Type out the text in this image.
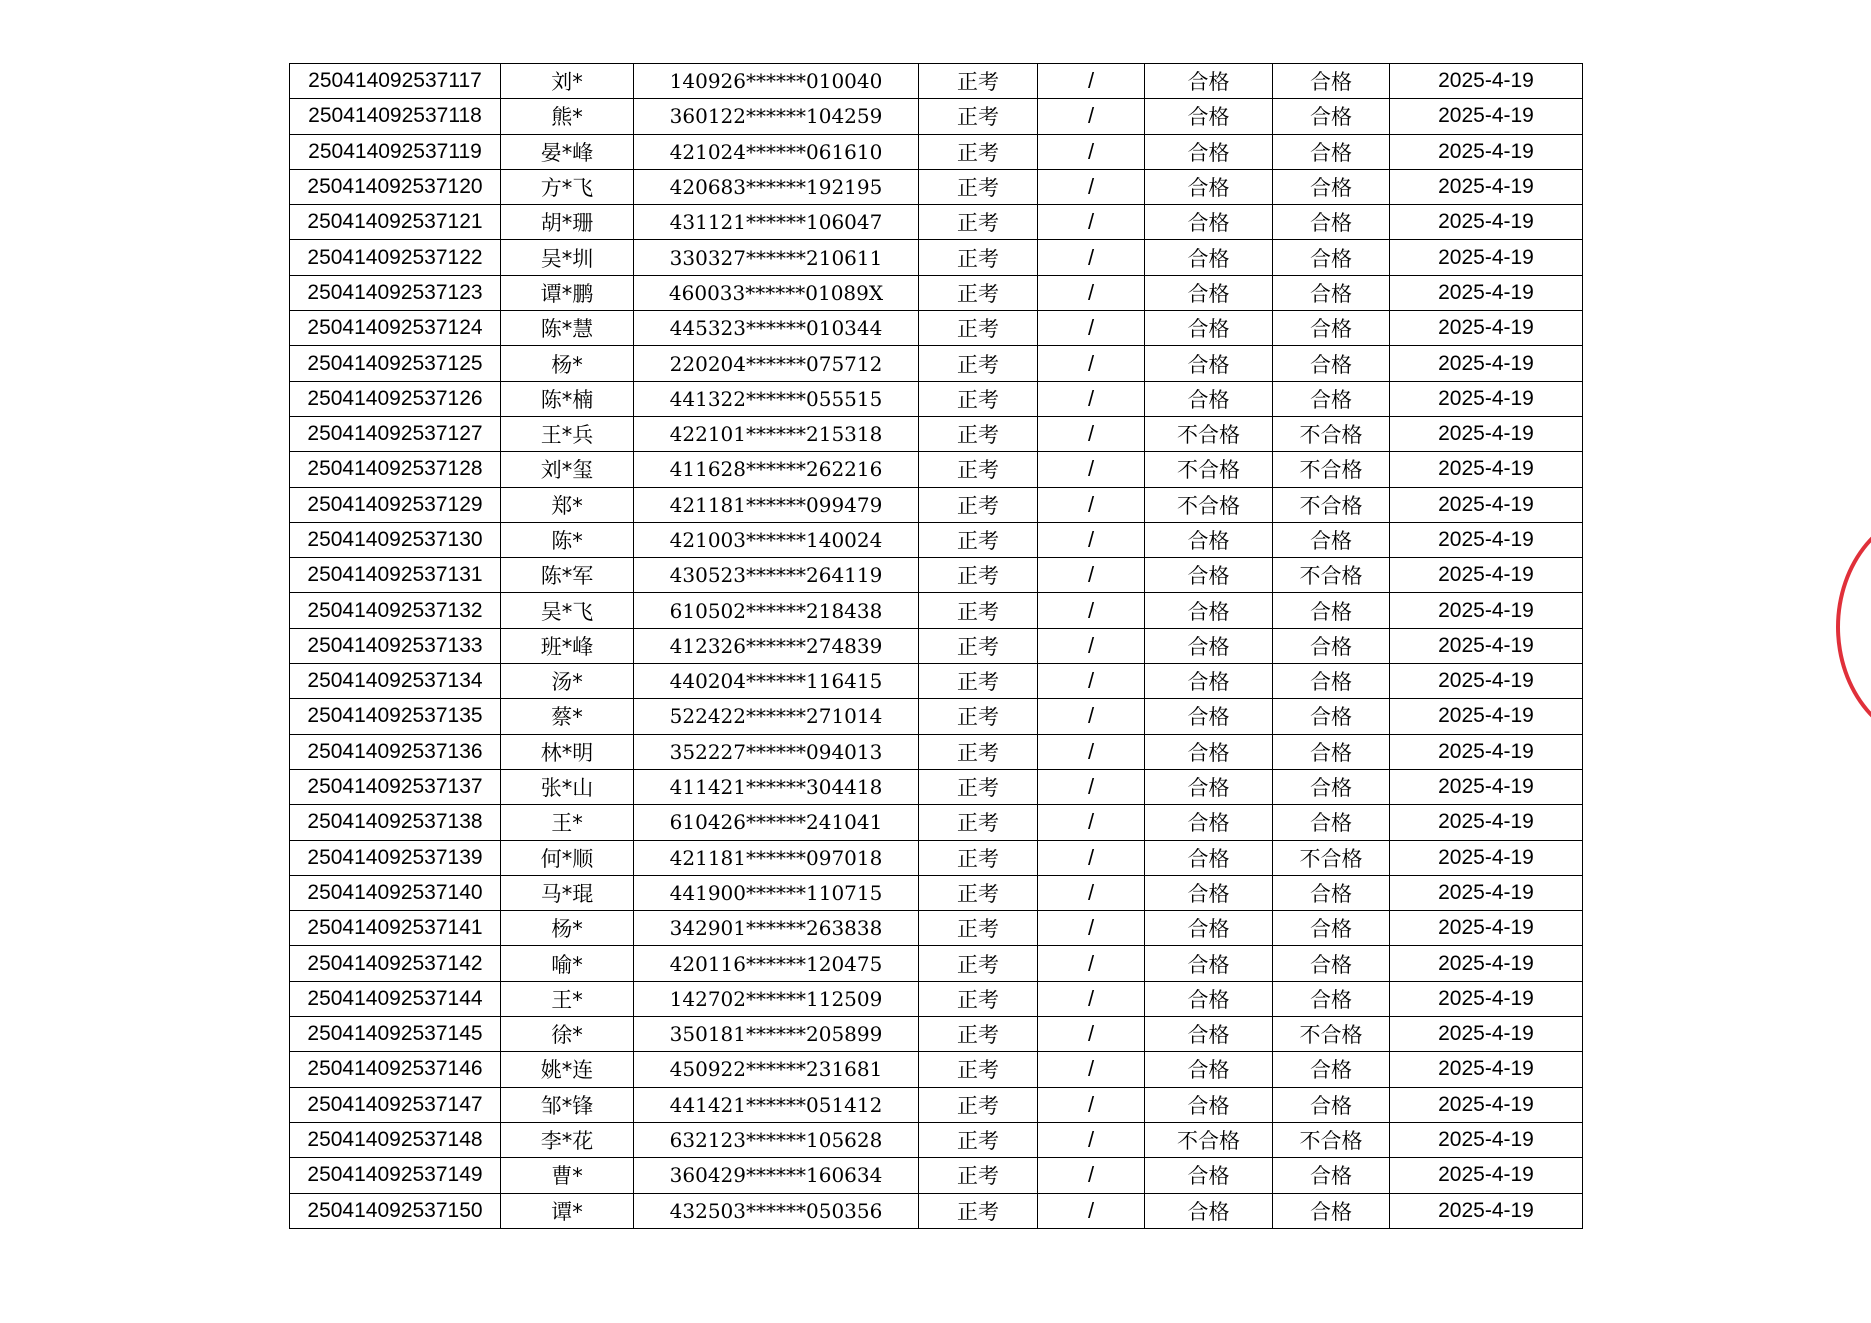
250414092537117	刘*	140926******010040	正考	/	合格	合格	2025-4-19
250414092537118	熊*	360122******104259	正考	/	合格	合格	2025-4-19
250414092537119	晏*峰	421024******061610	正考	/	合格	合格	2025-4-19
250414092537120	方*飞	420683******192195	正考	/	合格	合格	2025-4-19
250414092537121	胡*珊	431121******106047	正考	/	合格	合格	2025-4-19
250414092537122	吴*圳	330327******210611	正考	/	合格	合格	2025-4-19
250414092537123	谭*鹏	460033******01089X	正考	/	合格	合格	2025-4-19
250414092537124	陈*慧	445323******010344	正考	/	合格	合格	2025-4-19
250414092537125	杨*	220204******075712	正考	/	合格	合格	2025-4-19
250414092537126	陈*楠	441322******055515	正考	/	合格	合格	2025-4-19
250414092537127	王*兵	422101******215318	正考	/	不合格	不合格	2025-4-19
250414092537128	刘*玺	411628******262216	正考	/	不合格	不合格	2025-4-19
250414092537129	郑*	421181******099479	正考	/	不合格	不合格	2025-4-19
250414092537130	陈*	421003******140024	正考	/	合格	合格	2025-4-19
250414092537131	陈*军	430523******264119	正考	/	合格	不合格	2025-4-19
250414092537132	吴*飞	610502******218438	正考	/	合格	合格	2025-4-19
250414092537133	班*峰	412326******274839	正考	/	合格	合格	2025-4-19
250414092537134	汤*	440204******116415	正考	/	合格	合格	2025-4-19
250414092537135	蔡*	522422******271014	正考	/	合格	合格	2025-4-19
250414092537136	林*明	352227******094013	正考	/	合格	合格	2025-4-19
250414092537137	张*山	411421******304418	正考	/	合格	合格	2025-4-19
250414092537138	王*	610426******241041	正考	/	合格	合格	2025-4-19
250414092537139	何*顺	421181******097018	正考	/	合格	不合格	2025-4-19
250414092537140	马*琨	441900******110715	正考	/	合格	合格	2025-4-19
250414092537141	杨*	342901******263838	正考	/	合格	合格	2025-4-19
250414092537142	喻*	420116******120475	正考	/	合格	合格	2025-4-19
250414092537144	王*	142702******112509	正考	/	合格	合格	2025-4-19
250414092537145	徐*	350181******205899	正考	/	合格	不合格	2025-4-19
250414092537146	姚*连	450922******231681	正考	/	合格	合格	2025-4-19
250414092537147	邹*锋	441421******051412	正考	/	合格	合格	2025-4-19
250414092537148	李*花	632123******105628	正考	/	不合格	不合格	2025-4-19
250414092537149	曹*	360429******160634	正考	/	合格	合格	2025-4-19
250414092537150	谭*	432503******050356	正考	/	合格	合格	2025-4-19
